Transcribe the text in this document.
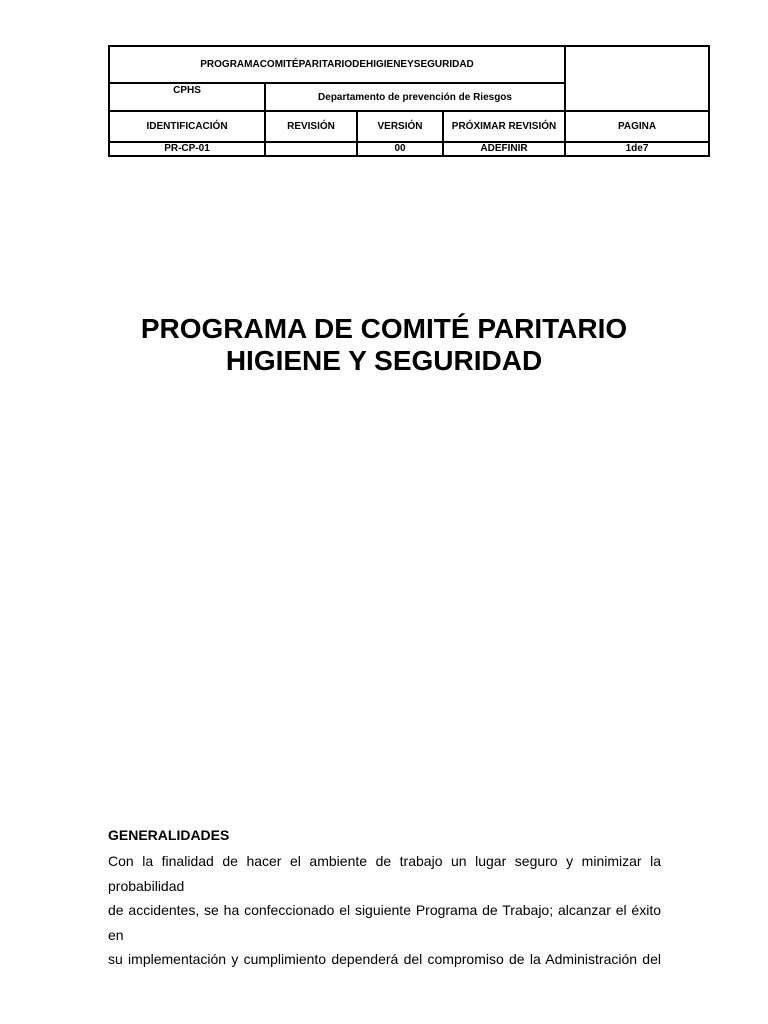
PROGRAMACOMITÉPARITARIODEHIGIENEYSEGURIDAD				
CPHS	Departamento de prevención de Riesgos			
IDENTIFICACIÓN	REVISIÓN	VERSIÓN	PRÓXIMAR REVISIÓN	PAGINA
PR-CP-01		00	ADEFINIR	1de7
PROGRAMA DE COMITÉ PARITARIO
HIGIENE Y SEGURIDAD
GENERALIDADES

Con la finalidad de hacer el ambiente de trabajo un lugar seguro y minimizar la probabilidad
de accidentes, se ha confeccionado el siguiente Programa de Trabajo; alcanzar el éxito en
su implementación y cumplimiento dependerá del compromiso de la Administración del
